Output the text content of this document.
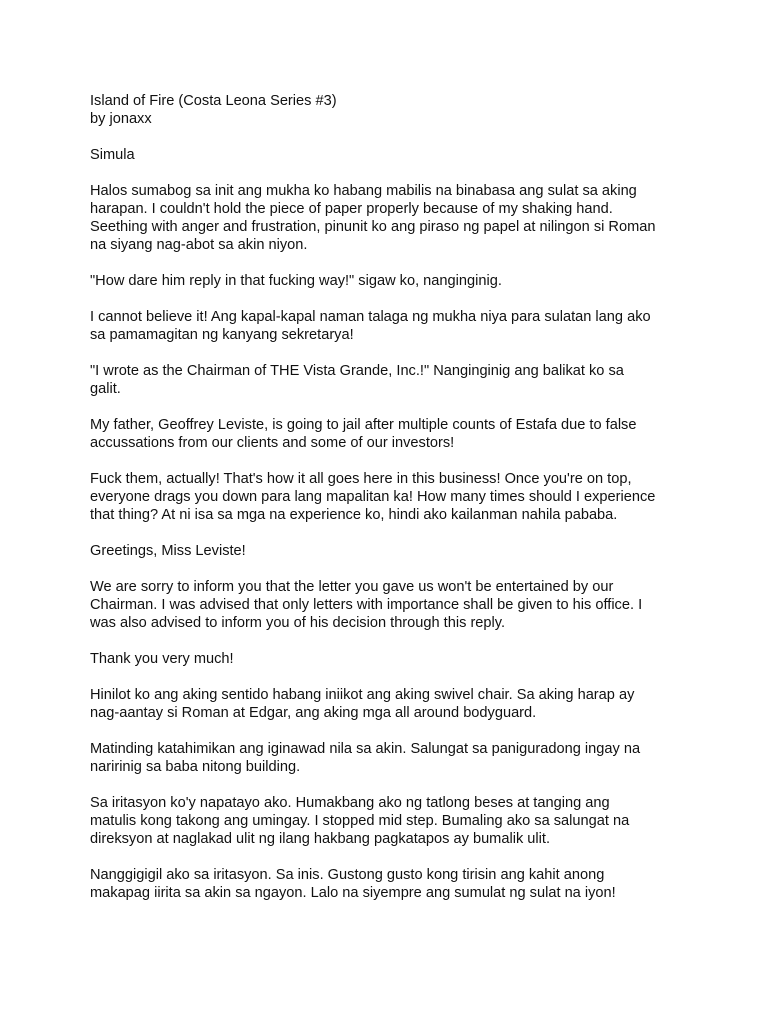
Island of Fire (Costa Leona Series #3)
by jonaxx

Simula

Halos sumabog sa init ang mukha ko habang mabilis na binabasa ang sulat sa aking
harapan. I couldn't hold the piece of paper properly because of my shaking hand.
Seething with anger and frustration, pinunit ko ang piraso ng papel at nilingon si Roman
na siyang nag-abot sa akin niyon.

"How dare him reply in that fucking way!" sigaw ko, nanginginig.

I cannot believe it! Ang kapal-kapal naman talaga ng mukha niya para sulatan lang ako
sa pamamagitan ng kanyang sekretarya!

"I wrote as the Chairman of THE Vista Grande, Inc.!" Nanginginig ang balikat ko sa
galit.

My father, Geoffrey Leviste, is going to jail after multiple counts of Estafa due to false
accussations from our clients and some of our investors!

Fuck them, actually! That's how it all goes here in this business! Once you're on top,
everyone drags you down para lang mapalitan ka! How many times should I experience
that thing? At ni isa sa mga na experience ko, hindi ako kailanman nahila pababa.

Greetings, Miss Leviste!

We are sorry to inform you that the letter you gave us won't be entertained by our
Chairman. I was advised that only letters with importance shall be given to his office. I
was also advised to inform you of his decision through this reply.

Thank you very much!

Hinilot ko ang aking sentido habang iniikot ang aking swivel chair. Sa aking harap ay
nag-aantay si Roman at Edgar, ang aking mga all around bodyguard.

Matinding katahimikan ang iginawad nila sa akin. Salungat sa paniguradong ingay na
naririnig sa baba nitong building.

Sa iritasyon ko'y napatayo ako. Humakbang ako ng tatlong beses at tanging ang
matulis kong takong ang umingay. I stopped mid step. Bumaling ako sa salungat na
direksyon at naglakad ulit ng ilang hakbang pagkatapos ay bumalik ulit.

Nanggigigil ako sa iritasyon. Sa inis. Gustong gusto kong tirisin ang kahit anong
makapag iirita sa akin sa ngayon. Lalo na siyempre ang sumulat ng sulat na iyon!
